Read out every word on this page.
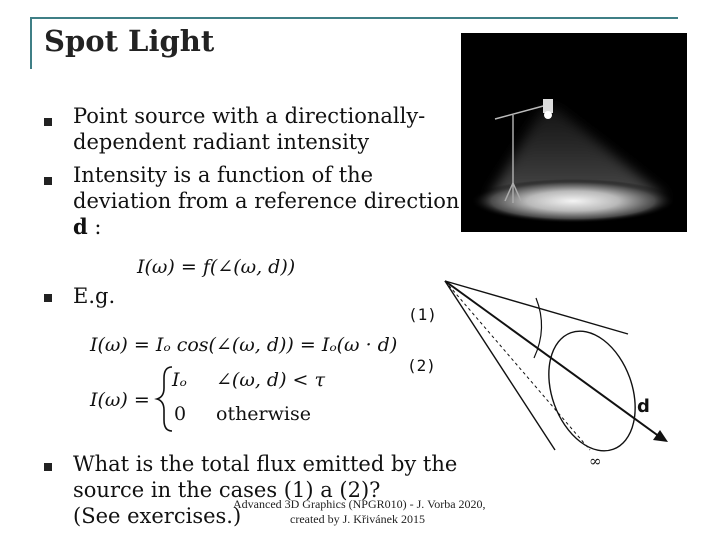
Spot Light
Point source with a directionally-
dependent radiant intensity
Intensity is a function of the
deviation from a reference direction
d :
I(ω) = f(∠(ω, d))
E.g.
I(ω) = Iₒ cos(∠(ω, d)) = Iₒ(ω · d)
I(ω) =
Iₒ ∠(ω, d) < τ
0 otherwise
(1)
(2)
d
∞
What is the total flux emitted by the
source in the cases (1) a (2)?
(See exercises.)
Advanced 3D Graphics (NPGR010) - J. Vorba 2020,
created by J. Křivánek 2015
